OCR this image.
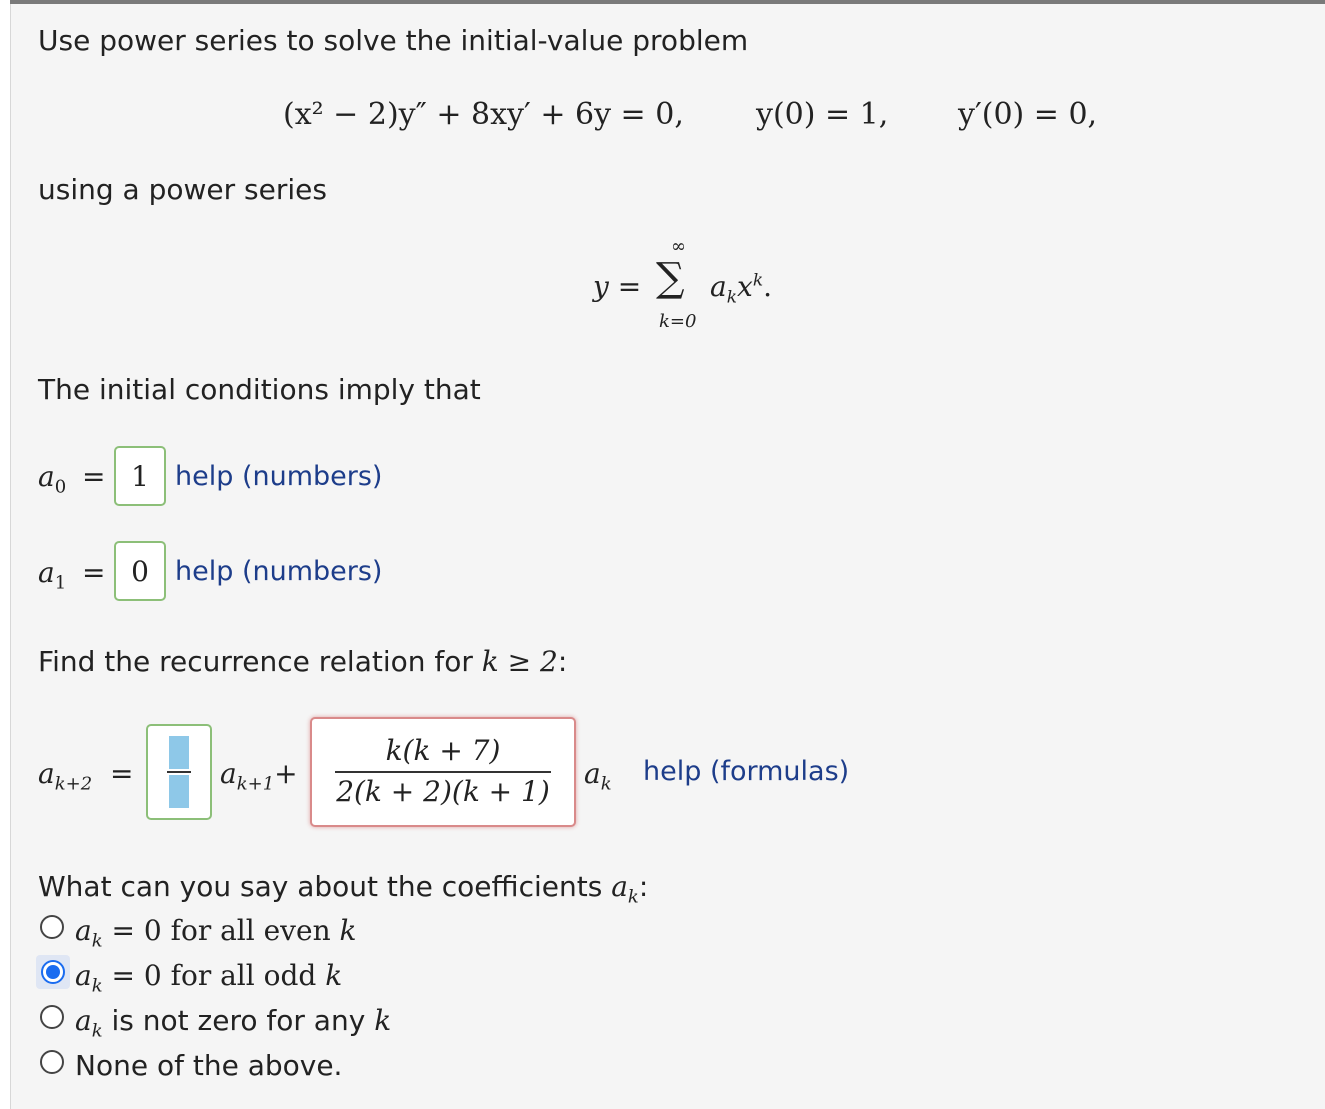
Use power series to solve the initial-value problem
(x² − 2)y″ + 8xy′ + 6y = 0, y(0) = 1, y′(0) = 0,
using a power series
y =
∞
∑
k=0
$a_kx^k$.
The initial conditions imply that
$a_0 = 1$ help (numbers)
$a_1 = 0$ help (numbers)
Find the recurrence relation for k ≥ 2:
$a_{k+2}$ =	$a_{k+1}+$
k(k + 7)
2(k + 2)(k + 1)
$a_k$ help (formulas)
What can you say about the coefficients $a_k$:
$a_k = 0$ for all even k
$a_k = 0$ for all odd k
$a_k$ is not zero for any k
None of the above.
